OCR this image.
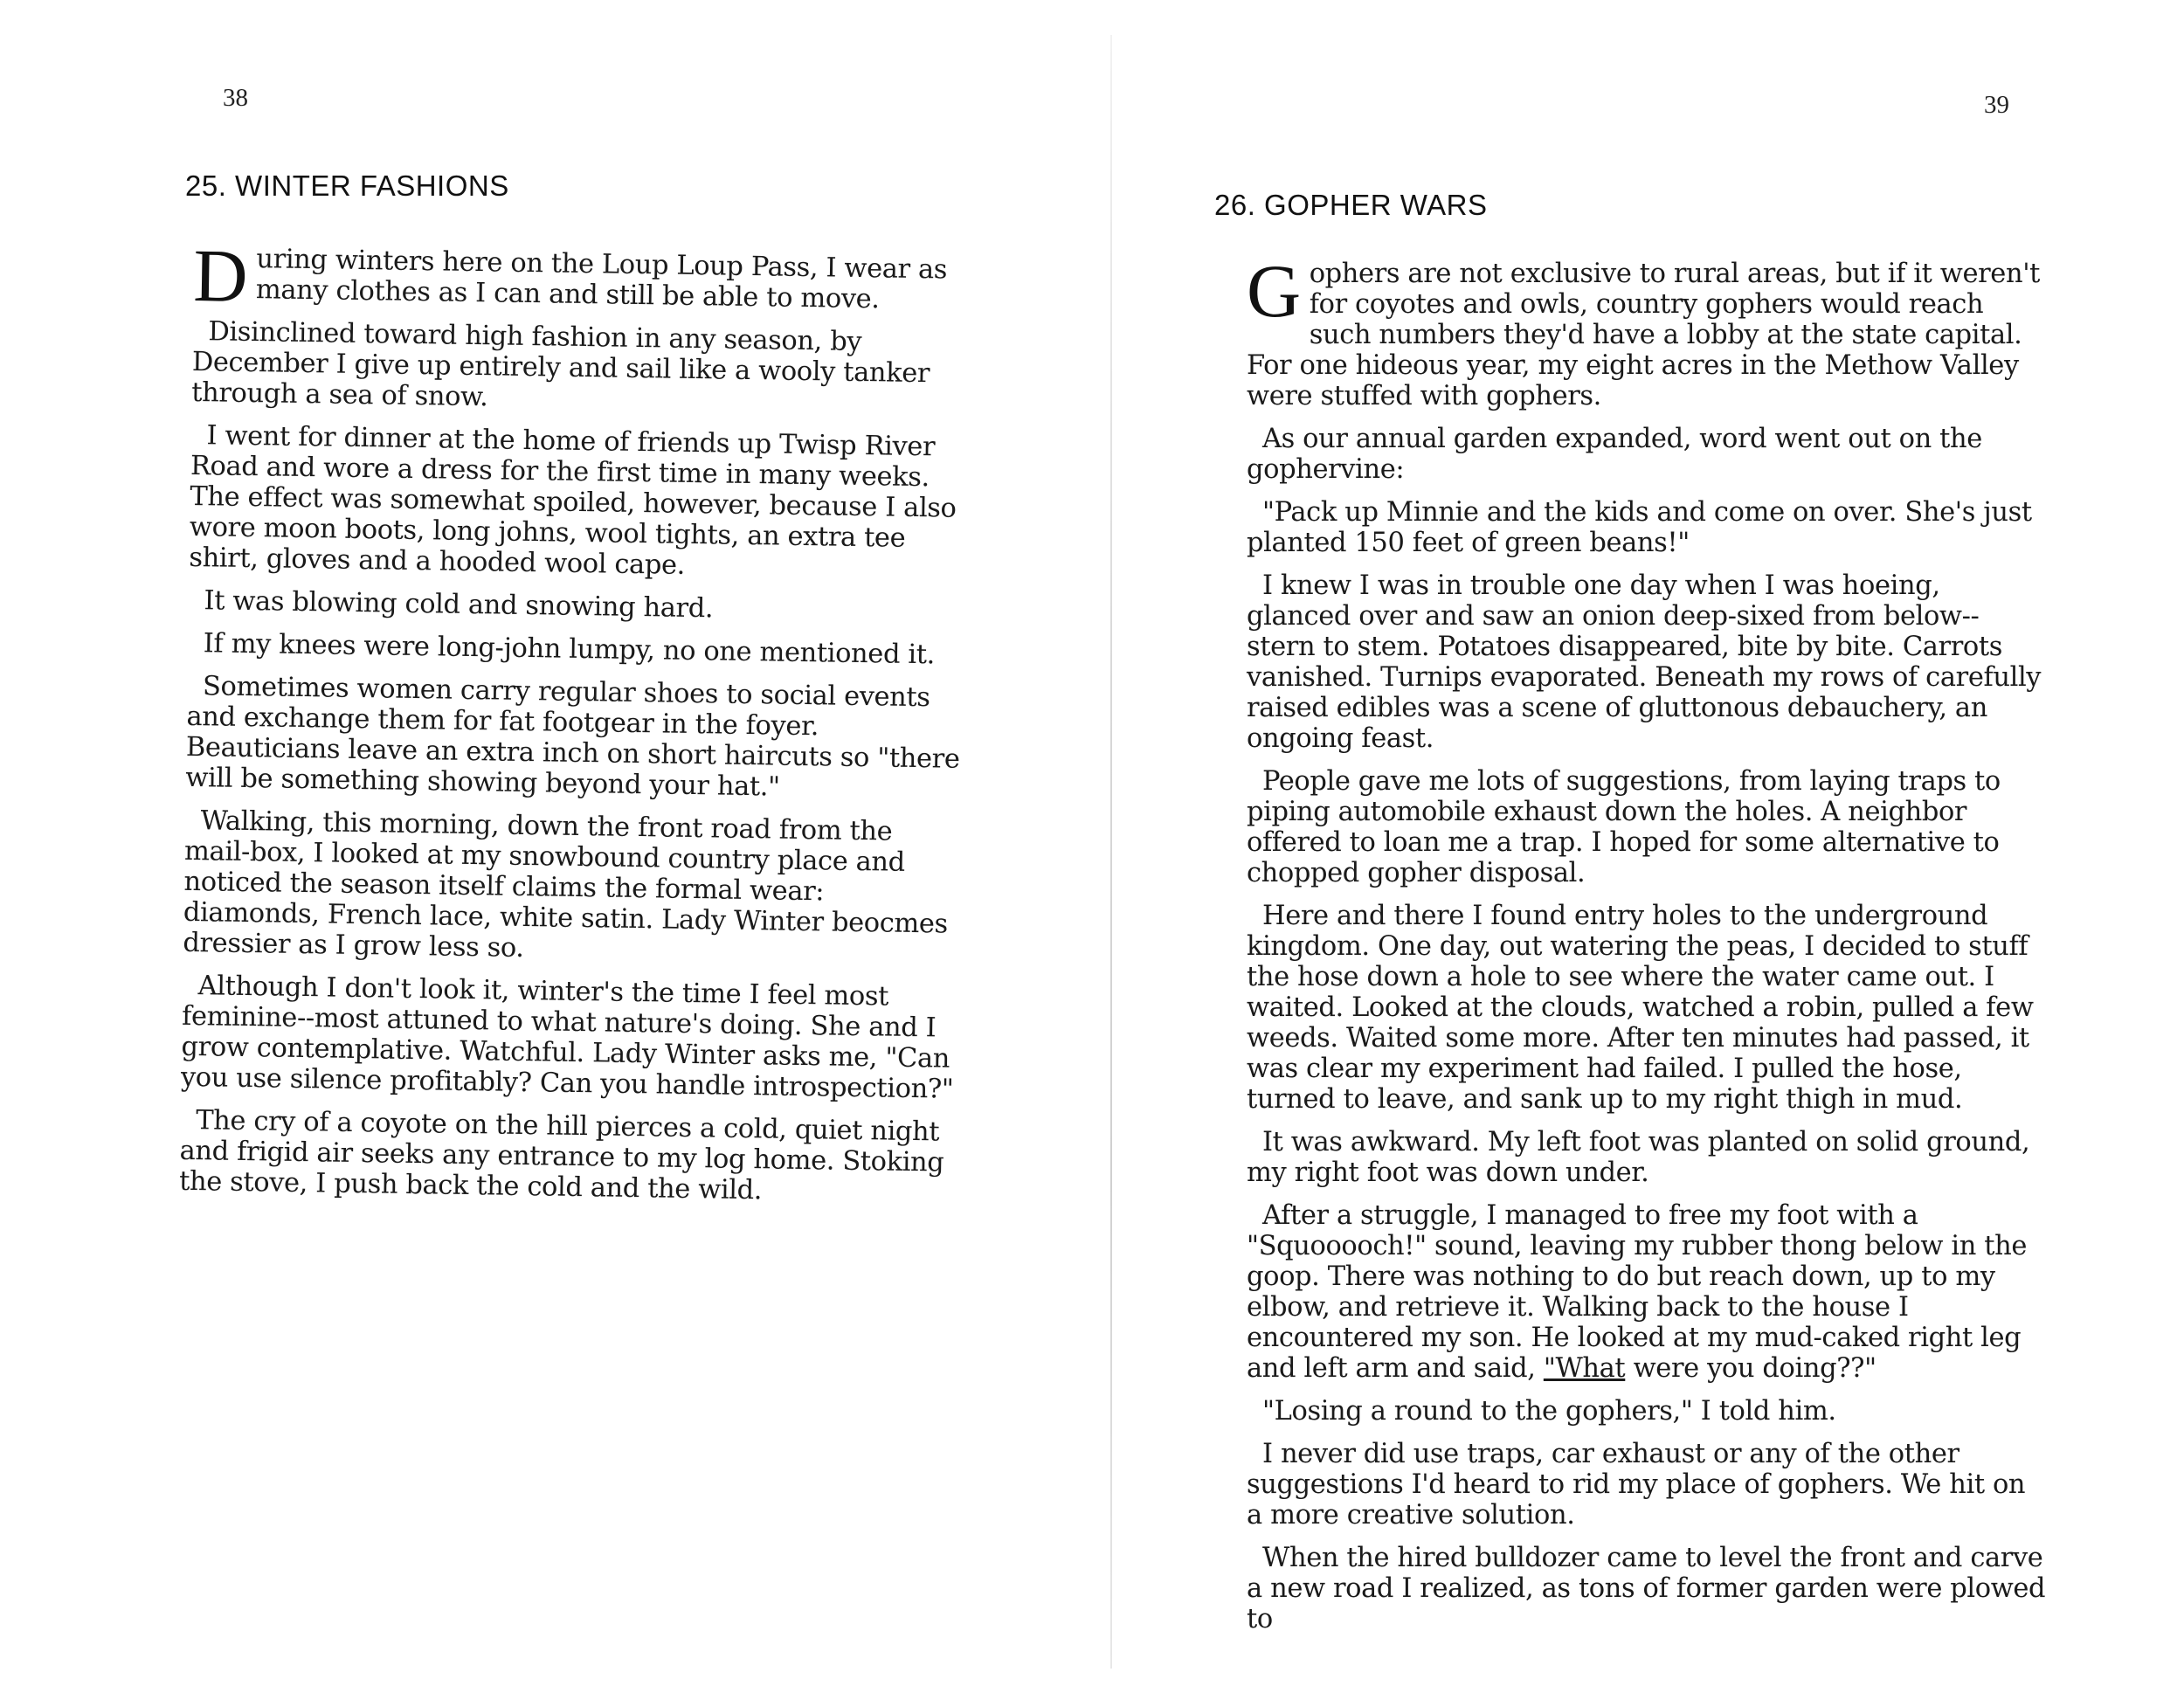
38
25. WINTER FASHIONS

During winters here on the Loup Loup Pass, I wear as many clothes as I can and still be able to move.

Disinclined toward high fashion in any season, by December I give up entirely and sail like a wooly tanker through a sea of snow.

I went for dinner at the home of friends up Twisp River Road and wore a dress for the first time in many weeks. The effect was somewhat spoiled, however, because I also wore moon boots, long johns, wool tights, an extra tee shirt, gloves and a hooded wool cape.

It was blowing cold and snowing hard.

If my knees were long-john lumpy, no one mentioned it.

Sometimes women carry regular shoes to social events and exchange them for fat footgear in the foyer. Beauticians leave an extra inch on short haircuts so "there will be something showing beyond your hat."

Walking, this morning, down the front road from the mail-box, I looked at my snowbound country place and noticed the season itself claims the formal wear: diamonds, French lace, white satin. Lady Winter beocmes dressier as I grow less so.

Although I don't look it, winter's the time I feel most feminine--most attuned to what nature's doing. She and I grow contemplative. Watchful. Lady Winter asks me, "Can you use silence profitably? Can you handle introspection?"

The cry of a coyote on the hill pierces a cold, quiet night and frigid air seeks any entrance to my log home. Stoking the stove, I push back the cold and the wild.

39
26. GOPHER WARS

Gophers are not exclusive to rural areas, but if it weren't for coyotes and owls, country gophers would reach such numbers they'd have a lobby at the state capital. For one hideous year, my eight acres in the Methow Valley were stuffed with gophers.

As our annual garden expanded, word went out on the gophervine:

"Pack up Minnie and the kids and come on over. She's just planted 150 feet of green beans!"

I knew I was in trouble one day when I was hoeing, glanced over and saw an onion deep-sixed from below--stern to stem. Potatoes disappeared, bite by bite. Carrots vanished. Turnips evaporated. Beneath my rows of carefully raised edibles was a scene of gluttonous debauchery, an ongoing feast.

People gave me lots of suggestions, from laying traps to piping automobile exhaust down the holes. A neighbor offered to loan me a trap. I hoped for some alternative to chopped gopher disposal.

Here and there I found entry holes to the underground kingdom. One day, out watering the peas, I decided to stuff the hose down a hole to see where the water came out. I waited. Looked at the clouds, watched a robin, pulled a few weeds. Waited some more. After ten minutes had passed, it was clear my experiment had failed. I pulled the hose, turned to leave, and sank up to my right thigh in mud.

It was awkward. My left foot was planted on solid ground, my right foot was down under.

After a struggle, I managed to free my foot with a "Squooooch!" sound, leaving my rubber thong below in the goop. There was nothing to do but reach down, up to my elbow, and retrieve it. Walking back to the house I encountered my son. He looked at my mud-caked right leg and left arm and said, "What were you doing??"

"Losing a round to the gophers," I told him.

I never did use traps, car exhaust or any of the other suggestions I'd heard to rid my place of gophers. We hit on a more creative solution.

When the hired bulldozer came to level the front and carve a new road I realized, as tons of former garden were plowed to
